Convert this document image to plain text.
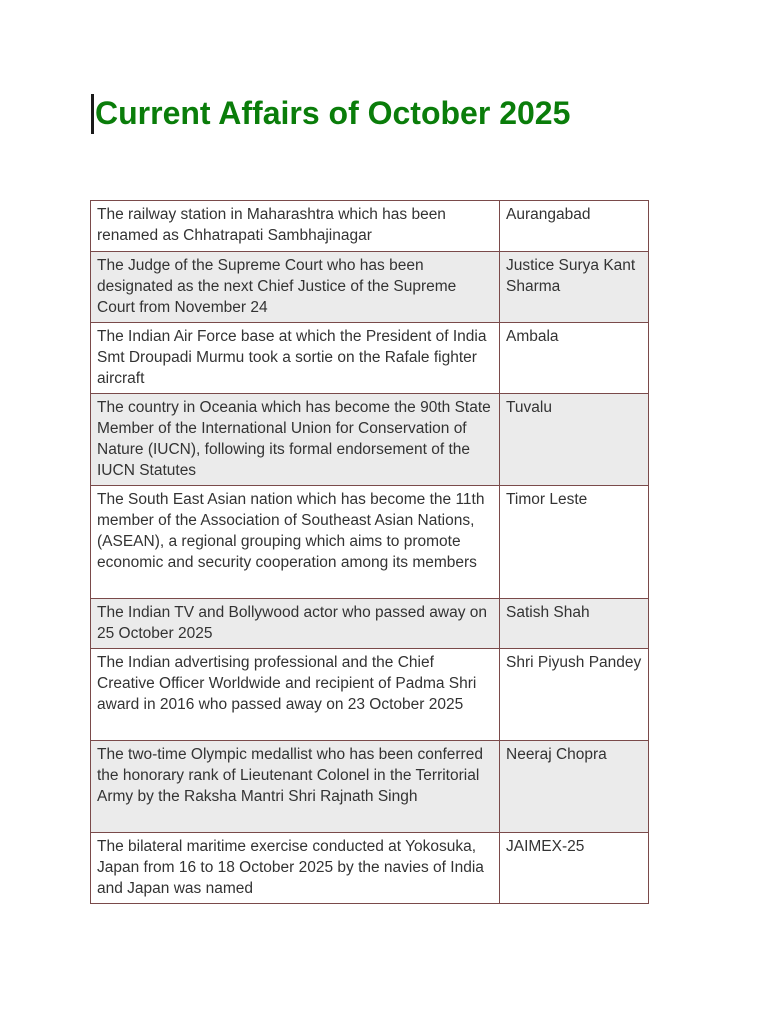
Current Affairs of October 2025
The railway station in Maharashtra which has been renamed as Chhatrapati Sambhajinagar	Aurangabad
The Judge of the Supreme Court who has been designated as the next Chief Justice of the Supreme Court from November 24	Justice Surya Kant Sharma
The Indian Air Force base at which the President of India Smt Droupadi Murmu took a sortie on the Rafale fighter aircraft	Ambala
The country in Oceania which has become the 90th State Member of the International Union for Conservation of Nature (IUCN), following its formal endorsement of the IUCN Statutes	Tuvalu
The South East Asian nation which has become the 11th member of the Association of Southeast Asian Nations, (ASEAN), a regional grouping which aims to promote economic and security cooperation among its members	Timor Leste
The Indian TV and Bollywood actor who passed away on 25 October 2025	Satish Shah
The Indian advertising professional and the Chief Creative Officer Worldwide and recipient of Padma Shri award in 2016 who passed away on 23 October 2025	Shri Piyush Pandey
The two-time Olympic medallist who has been conferred the honorary rank of Lieutenant Colonel in the Territorial Army by the Raksha Mantri Shri Rajnath Singh	Neeraj Chopra
The bilateral maritime exercise conducted at Yokosuka, Japan from 16 to 18 October 2025 by the navies of India and Japan was named	JAIMEX-25
